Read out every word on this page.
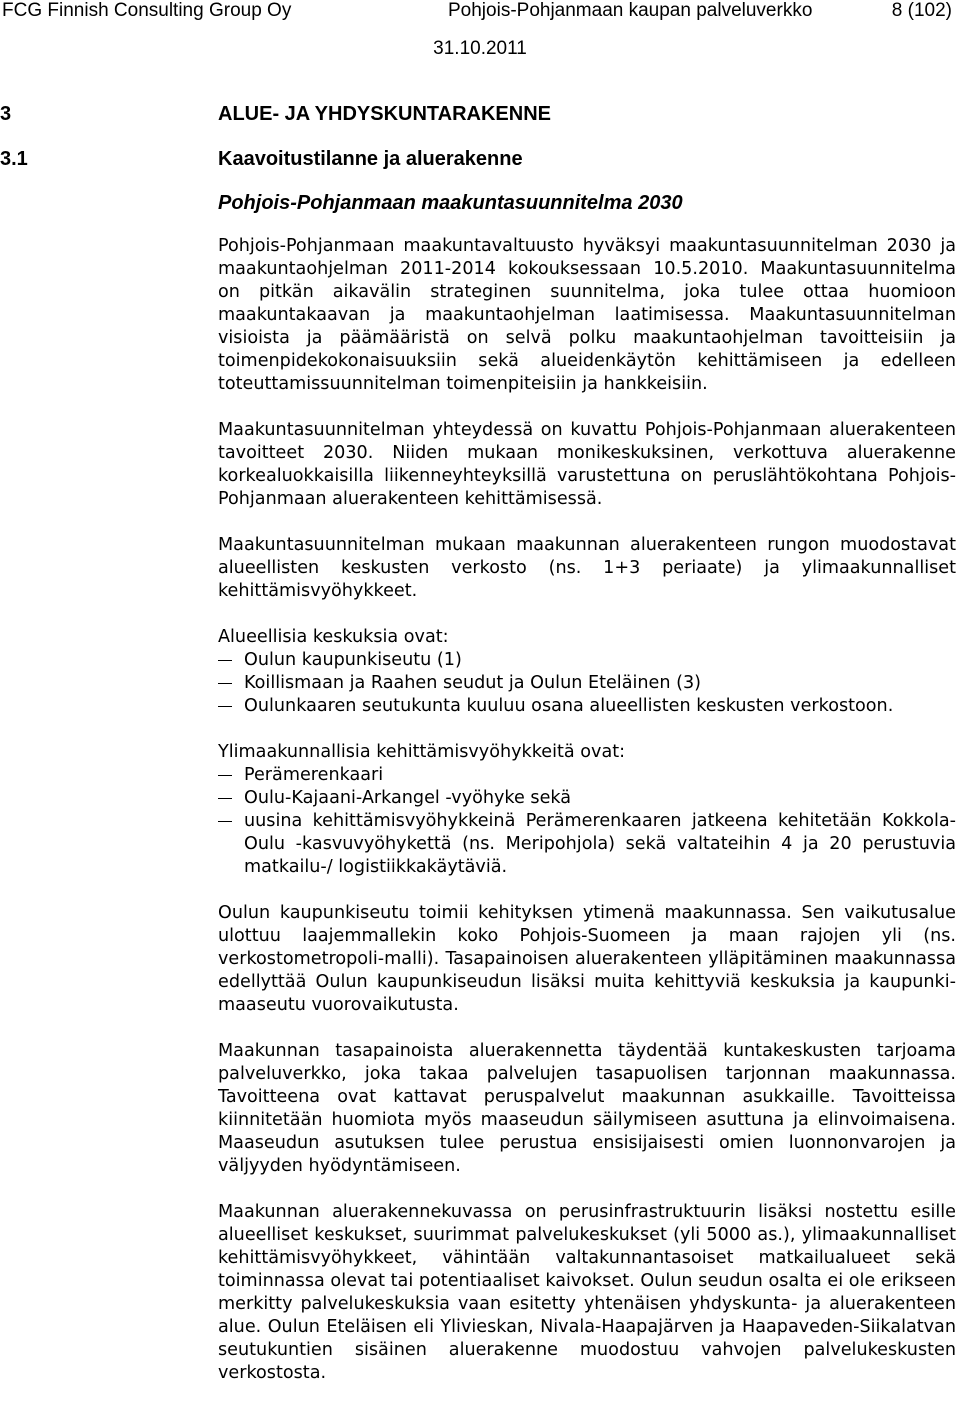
FCG Finnish Consulting Group Oy	Pohjois-Pohjanmaan kaupan palveluverkko	8 (102)
31.10.2011
3	ALUE- JA YHDYSKUNTARAKENNE
3.1	Kaavoitustilanne ja aluerakenne
Pohjois-Pohjanmaan maakuntasuunnitelma 2030

Pohjois-Pohjanmaan maakuntavaltuusto hyväksyi maakuntasuunnitelman 2030 ja maakuntaohjelman 2011-2014 kokouksessaan 10.5.2010. Maakuntasuunnitelma on pitkän aikavälin strateginen suunnitelma, joka tulee ottaa huomioon maakuntakaavan ja maakuntaohjelman laatimisessa. Maakuntasuunnitelman visioista ja päämääristä on selvä polku maakuntaohjelman tavoitteisiin ja toimenpidekokonaisuuksiin sekä alueidenkäytön kehittämiseen ja edelleen toteuttamissuunnitelman toimenpiteisiin ja hankkeisiin.

Maakuntasuunnitelman yhteydessä on kuvattu Pohjois-Pohjanmaan aluerakenteen tavoitteet 2030. Niiden mukaan monikeskuksinen, verkottuva aluerakenne korkealuokkaisilla liikenneyhteyksillä varustettuna on peruslähtökohtana Pohjois-Pohjanmaan aluerakenteen kehittämisessä.

Maakuntasuunnitelman mukaan maakunnan aluerakenteen rungon muodostavat alueellisten keskusten verkosto (ns. 1+3 periaate) ja ylimaakunnalliset kehittämisvyöhykkeet.

Alueellisia keskuksia ovat:
Oulun kaupunkiseutu (1)
Koillismaan ja Raahen seudut ja Oulun Eteläinen (3)
Oulunkaaren seutukunta kuuluu osana alueellisten keskusten verkostoon.
Ylimaakunnallisia kehittämisvyöhykkeitä ovat:
Perämerenkaari
Oulu-Kajaani-Arkangel -vyöhyke sekä
uusina kehittämisvyöhykkeinä Perämerenkaaren jatkeena kehitetään Kokkola-Oulu -kasvuvyöhykettä (ns. Meripohjola) sekä valtateihin 4 ja 20 perustuvia matkailu-/ logistiikkakäytäviä.

Oulun kaupunkiseutu toimii kehityksen ytimenä maakunnassa. Sen vaikutusalue ulottuu laajemmallekin koko Pohjois-Suomeen ja maan rajojen yli (ns. verkostometropoli-malli). Tasapainoisen aluerakenteen ylläpitäminen maakunnassa edellyttää Oulun kaupunkiseudun lisäksi muita kehittyviä keskuksia ja kaupunki-maaseutu vuorovaikutusta.

Maakunnan tasapainoista aluerakennetta täydentää kuntakeskusten tarjoama palveluverkko, joka takaa palvelujen tasapuolisen tarjonnan maakunnassa. Tavoitteena ovat kattavat peruspalvelut maakunnan asukkaille. Tavoitteissa kiinnitetään huomiota myös maaseudun säilymiseen asuttuna ja elinvoimaisena. Maaseudun asutuksen tulee perustua ensisijaisesti omien luonnonvarojen ja väljyyden hyödyntämiseen.

Maakunnan aluerakennekuvassa on perusinfrastruktuurin lisäksi nostettu esille alueelliset keskukset, suurimmat palvelukeskukset (yli 5000 as.), ylimaakunnalliset kehittämisvyöhykkeet, vähintään valtakunnantasoiset matkailualueet sekä toiminnassa olevat tai potentiaaliset kaivokset. Oulun seudun osalta ei ole erikseen merkitty palvelukeskuksia vaan esitetty yhtenäisen yhdyskunta- ja aluerakenteen alue. Oulun Eteläisen eli Ylivieskan, Nivala-Haapajärven ja Haapaveden-Siikalatvan seutukuntien sisäinen aluerakenne muodostuu vahvojen palvelukeskusten verkostosta.
